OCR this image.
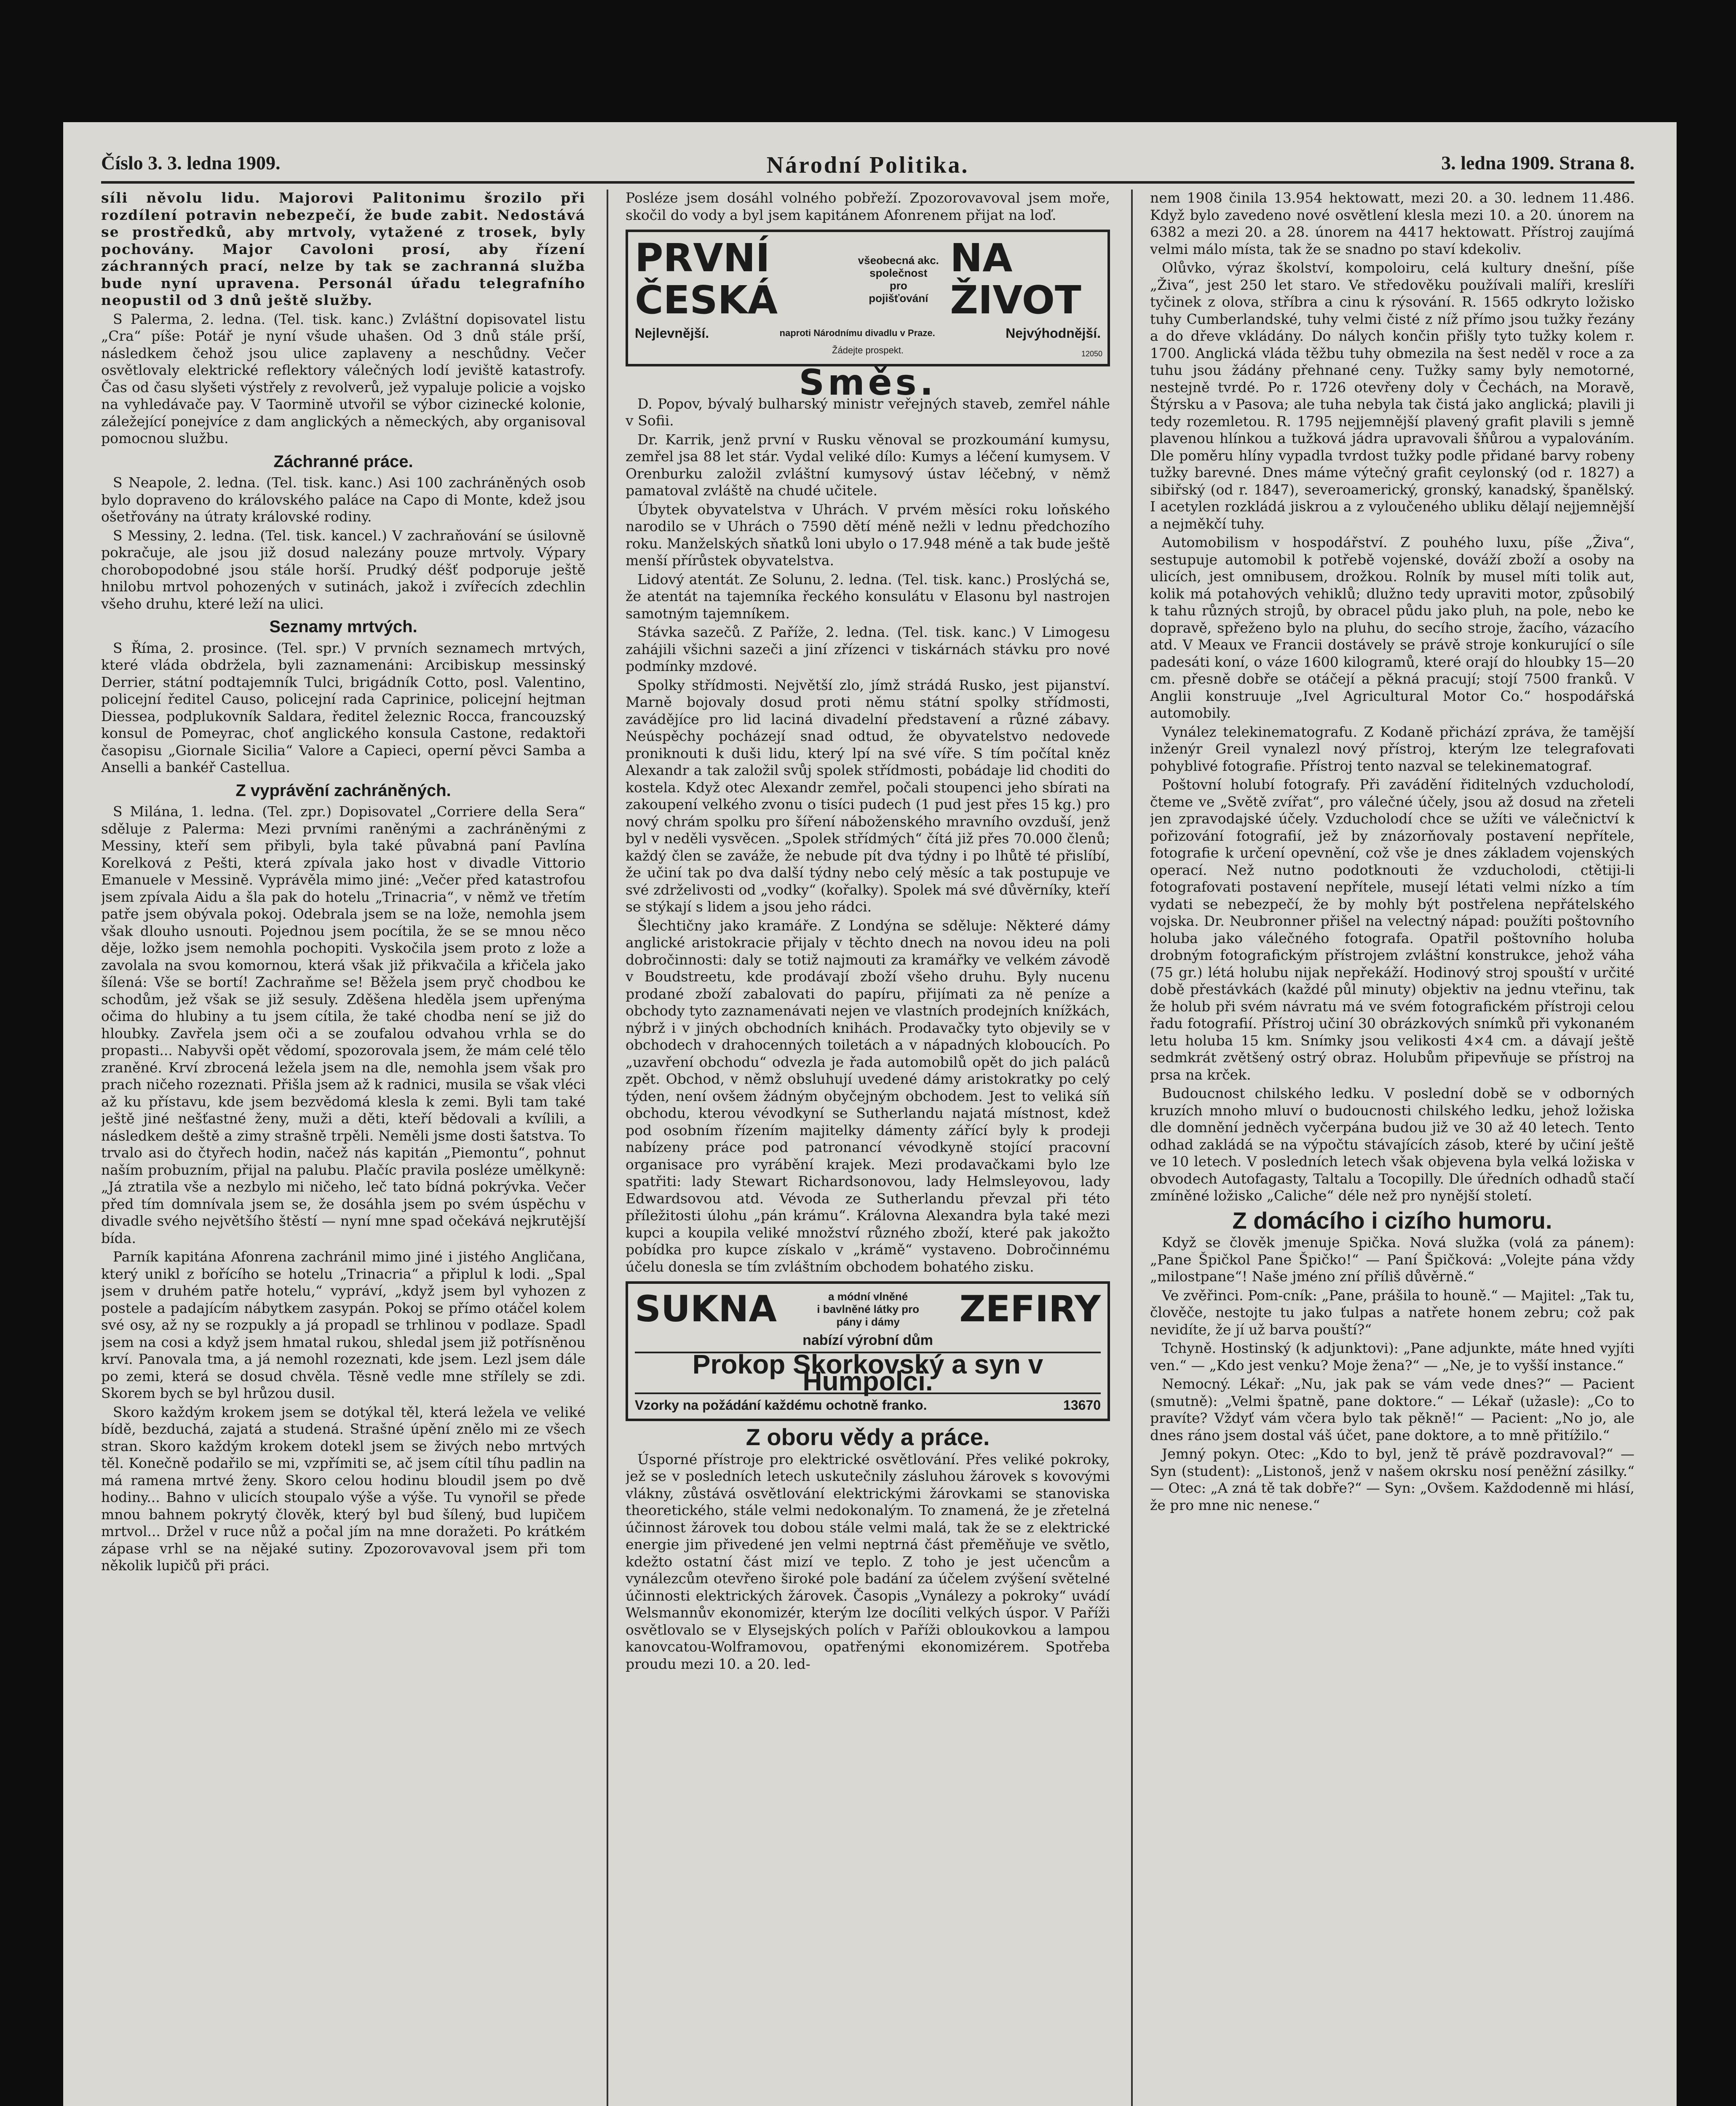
Číslo 3. 3. ledna 1909.	Národní Politika.	3. ledna 1909. Strana 8.

síli něvolu lidu. Majorovi Palitonimu šrozilo při rozdílení potravin nebezpečí, že bude zabit. Nedostává se prostředků, aby mrtvoly, vytažené z trosek, byly pochovány. Major Cavoloni prosí, aby řízení záchranných prací, nelze by tak se zachranná služba bude nyní upravena. Personál úřadu telegrafního neopustil od 3 dnů ještě služby.

S Palerma, 2. ledna. (Tel. tisk. kanc.) Zvláštní dopisovatel listu „Cra“ píše: Potář je nyní všude uhašen. Od 3 dnů stále prší, následkem čehož jsou ulice zaplaveny a neschůdny. Večer osvětlovaly elektrické reflektory válečných lodí jeviště katastrofy. Čas od času slyšeti výstřely z revolverů, jež vypaluje policie a vojsko na vyhledávače pay. V Taormině utvořil se výbor cizinecké kolonie, záležející ponejvíce z dam anglických a německých, aby organisoval pomocnou službu.

Záchranné práce.

S Neapole, 2. ledna. (Tel. tisk. kanc.) Asi 100 zachráněných osob bylo dopraveno do královského paláce na Capo di Monte, kdež jsou ošetřovány na útraty královské rodiny.

S Messiny, 2. ledna. (Tel. tisk. kancel.) V zachraňování se úsilovně pokračuje, ale jsou již dosud nalezány pouze mrtvoly. Výpary chorobopodobné jsou stále horší. Prudký déšť podporuje ještě hnilobu mrtvol pohozených v sutinách, jakož i zvířecích zdechlin všeho druhu, které leží na ulici.

Seznamy mrtvých.

S Říma, 2. prosince. (Tel. spr.) V prvních seznamech mrtvých, které vláda obdržela, byli zaznamenáni: Arcibiskup messinský Derrier, státní podtajemník Tulci, brigádník Cotto, posl. Valentino, policejní ředitel Causo, policejní rada Caprinice, policejní hejtman Diessea, podplukovník Saldara, ředitel železnic Rocca, francouzský konsul de Pomeyrac, choť anglického konsula Castone, redaktoři časopisu „Giornale Sicilia“ Valore a Capieci, operní pěvci Samba a Anselli a bankéř Castellua.

Z vyprávění zachráněných.

S Milána, 1. ledna. (Tel. zpr.) Dopisovatel „Corriere della Sera“ sděluje z Palerma: Mezi prvními raněnými a zachráněnými z Messiny, kteří sem přibyli, byla také půvabná paní Pavlína Korelková z Pešti, která zpívala jako host v divadle Vittorio Emanuele v Messině. Vyprávěla mimo jiné: „Večer před katastrofou jsem zpívala Aidu a šla pak do hotelu „Trinacria“, v němž ve třetím patře jsem obývala pokoj. Odebrala jsem se na lože, nemohla jsem však dlouho usnouti. Pojednou jsem pocítila, že se se mnou něco děje, ložko jsem nemohla pochopiti. Vyskočila jsem proto z lože a zavolala na svou komornou, která však již přikvačila a křičela jako šílená: Vše se bortí! Zachraňme se! Běžela jsem pryč chodbou ke schodům, jež však se již sesuly. Zděšena hleděla jsem upřenýma očima do hlubiny a tu jsem cítila, že také chodba není se již do hloubky. Zavřela jsem oči a se zoufalou odvahou vrhla se do propasti... Nabyvši opět vědomí, spozorovala jsem, že mám celé tělo zraněné. Krví zbrocená ležela jsem na dle, nemohla jsem však pro prach ničeho rozeznati. Přišla jsem až k radnici, musila se však vléci až ku přístavu, kde jsem bezvědomá klesla k zemi. Byli tam také ještě jiné nešťastné ženy, muži a děti, kteří bědovali a kvílili, a následkem deště a zimy strašně trpěli. Neměli jsme dosti šatstva. To trvalo asi do čtyřech hodin, načež nás kapitán „Piemontu“, pohnut naším probuzním, přijal na palubu. Plačíc pravila posléze umělkyně: „Já ztratila vše a nezbylo mi ničeho, leč tato bídná pokrývka. Večer před tím domnívala jsem se, že dosáhla jsem po svém úspěchu v divadle svého největšího štěstí — nyní mne spad očekává nejkrutější bída.

Parník kapitána Afonrena zachránil mimo jiné i jistého Angličana, který unikl z bořícího se hotelu „Trinacria“ a připlul k lodi. „Spal jsem v druhém patře hotelu,“ vypráví, „když jsem byl vyhozen z postele a padajícím nábytkem zasypán. Pokoj se přímo otáčel kolem své osy, až ny se rozpukly a já propadl se trhlinou v podlaze. Spadl jsem na cosi a když jsem hmatal rukou, shledal jsem již potřísněnou krví. Panovala tma, a já nemohl rozeznati, kde jsem. Lezl jsem dále po zemi, která se dosud chvěla. Těsně vedle mne střílely se zdi. Skorem bych se byl hrůzou dusil.

Skoro každým krokem jsem se dotýkal těl, která ležela ve veliké bídě, bezduchá, zajatá a studená. Strašné úpění znělo mi ze všech stran. Skoro každým krokem dotekl jsem se živých nebo mrtvých těl. Konečně podařilo se mi, vzpřímiti se, ač jsem cítil tíhu padlin na má ramena mrtvé ženy. Skoro celou hodinu bloudil jsem po dvě hodiny... Bahno v ulicích stoupalo výše a výše. Tu vynořil se přede mnou bahnem pokrytý člověk, který byl bud šílený, bud lupičem mrtvol... Držel v ruce nůž a počal jím na mne doražeti. Po krátkém zápase vrhl se na nějaké sutiny. Zpozorovavoval jsem při tom několik lupičů při práci.

Posléze jsem dosáhl volného pobřeží. Zpozorovavoval jsem moře, skočil do vody a byl jsem kapitánem Afonrenem přijat na loď.

PRVNÍ ČESKÁ
všeobecná akc. společnost
pro
pojišťování
NA ŽIVOT
Nejlevnější.	naproti Národnímu divadlu v Praze.	Nejvýhodnější.
Žádejte prospekt.	12050
Směs.

D. Popov, bývalý bulharský ministr veřejných staveb, zemřel náhle v Sofii.

Dr. Karrik, jenž první v Rusku věnoval se prozkoumání kumysu, zemřel jsa 88 let stár. Vydal veliké dílo: Kumys a léčení kumysem. V Orenburku založil zvláštní kumysový ústav léčebný, v němž pamatoval zvláště na chudé učitele.

Úbytek obyvatelstva v Uhrách. V prvém měsíci roku loňského narodilo se v Uhrách o 7590 dětí méně nežli v lednu předchozího roku. Manželských sňatků loni ubylo o 17.948 méně a tak bude ještě menší přírůstek obyvatelstva.

Lidový atentát. Ze Solunu, 2. ledna. (Tel. tisk. kanc.) Proslýchá se, že atentát na tajemníka řeckého konsulátu v Elasonu byl nastrojen samotným tajemníkem.

Stávka sazečů. Z Paříže, 2. ledna. (Tel. tisk. kanc.) V Limogesu zahájili všichni sazeči a jiní zřízenci v tiskárnách stávku pro nové podmínky mzdové.

Spolky střídmosti. Největší zlo, jímž strádá Rusko, jest pijanství. Marně bojovaly dosud proti němu státní spolky střídmosti, zavádějíce pro lid laciná divadelní představení a různé zábavy. Neúspěchy pocházejí snad odtud, že obyvatelstvo nedovede proniknouti k duši lidu, který lpí na své víře. S tím počítal kněz Alexandr a tak založil svůj spolek střídmosti, pobádaje lid choditi do kostela. Když otec Alexandr zemřel, počali stoupenci jeho sbírati na zakoupení velkého zvonu o tisíci pudech (1 pud jest přes 15 kg.) pro nový chrám spolku pro šíření náboženského mravního ovzduší, jenž byl v neděli vysvěcen. „Spolek střídmých“ čítá již přes 70.000 členů; každý člen se zaváže, že nebude pít dva týdny i po lhůtě té přislíbí, že učiní tak po dva další týdny nebo celý měsíc a tak postupuje ve své zdrželivosti od „vodky“ (kořalky). Spolek má své důvěrníky, kteří se stýkají s lidem a jsou jeho rádci.

Šlechtičny jako kramáře. Z Londýna se sděluje: Některé dámy anglické aristokracie přijaly v těchto dnech na novou ideu na poli dobročinnosti: daly se totiž najmouti za kramářky ve velkém závodě v Boudstreetu, kde prodávají zboží všeho druhu. Byly nucenu prodané zboží zabalovati do papíru, přijímati za ně peníze a obchody tyto zaznamenávati nejen ve vlastních prodejních knížkách, nýbrž i v jiných obchodních knihách. Prodavačky tyto objevily se v obchodech v drahocenných toiletách a v nápadných kloboucích. Po „uzavření obchodu“ odvezla je řada automobilů opět do jich paláců zpět. Obchod, v němž obsluhují uvedené dámy aristokratky po celý týden, není ovšem žádným obyčejným obchodem. Jest to veliká síň obchodu, kterou vévodkyní se Sutherlandu najatá místnost, kdež pod osobním řízením majitelky dámenty zářící byly k prodeji nabízeny práce pod patronancí vévodkyně stojící pracovní organisace pro vyrábění krajek. Mezi prodavačkami bylo lze spatřiti: lady Stewart Richardsonovou, lady Helmsleyovou, lady Edwardsovou atd. Vévoda ze Sutherlandu převzal při této příležitosti úlohu „pán krámu“. Královna Alexandra byla také mezi kupci a koupila veliké množství různého zboží, které pak jakožto pobídka pro kupce získalo v „krámě“ vystaveno. Dobročinnému účelu donesla se tím zvláštním obchodem bohatého zisku.

SUKNA	a módní vlněné
i bavlněné látky pro
pány i dámy	ZEFIRY
nabízí výrobní dům
Prokop Skorkovský a syn v Humpolci.
Vzorky na požádání každému ochotně franko.	13670
Z oboru vědy a práce.

Úsporné přístroje pro elektrické osvětlování. Přes veliké pokroky, jež se v posledních letech uskutečnily zásluhou žárovek s kovovými vlákny, zůstává osvětlování elektrickými žárovkami se stanoviska theoretického, stále velmi nedokonalým. To znamená, že je zřetelná účinnost žárovek tou dobou stále velmi malá, tak že se z elektrické energie jim přivedené jen velmi neptrná část přeměňuje ve světlo, kdežto ostatní část mizí ve teplo. Z toho je jest učencům a vynálezcům otevřeno široké pole badání za účelem zvýšení světelné účinnosti elektrických žárovek. Časopis „Vynálezy a pokroky“ uvádí Welsmannův ekonomizér, kterým lze docíliti velkých úspor. V Paříži osvětlovalo se v Elysejských polích v Paříži obloukovkou a lampou kanovcatou-Wolframovou, opatřenými ekonomizérem. Spotřeba proudu mezi 10. a 20. led-

nem 1908 činila 13.954 hektowatt, mezi 20. a 30. lednem 11.486. Když bylo zavedeno nové osvětlení klesla mezi 10. a 20. únorem na 6382 a mezi 20. a 28. únorem na 4417 hektowatt. Přístroj zaujímá velmi málo místa, tak že se snadno po staví kdekoliv.

Olůvko, výraz školství, kompoloiru, celá kultury dnešní, píše „Živa“, jest 250 let staro. Ve středověku používali malíři, kreslíři tyčinek z olova, stříbra a cinu k rýsování. R. 1565 odkryto ložisko tuhy Cumberlandské, tuhy velmi čisté z níž přímo jsou tužky řezány a do dřeve vkládány. Do nálych končin přišly tyto tužky kolem r. 1700. Anglická vláda těžbu tuhy obmezila na šest neděl v roce a za tuhu jsou žádány přehnané ceny. Tužky samy byly nemotorné, nestejně tvrdé. Po r. 1726 otevřeny doly v Čechách, na Moravě, Štýrsku a v Pasova; ale tuha nebyla tak čistá jako anglická; plavili ji tedy rozemletou. R. 1795 nejjemnější plavený grafit plavili s jemně plavenou hlínkou a tužková jádra upravovali šňůrou a vypalováním. Dle poměru hlíny vypadla tvrdost tužky podle přidané barvy robeny tužky barevné. Dnes máme výtečný grafit ceylonský (od r. 1827) a sibiřský (od r. 1847), severoamerický, gronský, kanadský, španělský. I acetylen rozkládá jiskrou a z vyloučeného ubliku dělají nejjemnější a nejměkčí tuhy.

Automobilism v hospodářství. Z pouhého luxu, píše „Živa“, sestupuje automobil k potřebě vojenské, dováží zboží a osoby na ulicích, jest omnibusem, drožkou. Rolník by musel míti tolik aut, kolik má potahových vehiklů; dlužno tedy upraviti motor, způsobilý k tahu různých strojů, by obracel půdu jako pluh, na pole, nebo ke dopravě, spřeženo bylo na pluhu, do secího stroje, žacího, vázacího atd. V Meaux ve Francii dostávely se právě stroje konkurující o síle padesáti koní, o váze 1600 kilogramů, které orají do hloubky 15—20 cm. přesně dobře se otáčejí a pěkná pracují; stojí 7500 franků. V Anglii konstruuje „Ivel Agricultural Motor Co.“ hospodářská automobily.

Vynález telekinematografu. Z Kodaně přichází zpráva, že tamější inženýr Greil vynalezl nový přístroj, kterým lze telegrafovati pohyblivé fotografie. Přístroj tento nazval se telekinematograf.

Poštovní holubí fotografy. Při zavádění řiditelných vzducholodí, čteme ve „Světě zvířat“, pro válečné účely, jsou až dosud na zřeteli jen zpravodajské účely. Vzducholodí chce se užíti ve válečnictví k pořizování fotografií, jež by znázorňovaly postavení nepřítele, fotografie k určení opevnění, což vše je dnes základem vojenských operací. Než nutno podotknouti že vzducholodi, ctětiji-li fotografovati postavení nepřítele, musejí létati velmi nízko a tím vydati se nebezpečí, že by mohly být postřelena nepřátelského vojska. Dr. Neubronner přišel na velectný nápad: použíti poštovního holuba jako válečného fotografa. Opatřil poštovního holuba drobným fotografickým přístrojem zvláštní konstrukce, jehož váha (75 gr.) létá holubu nijak nepřekáží. Hodinový stroj spouští v určité době přestávkách (každé půl minuty) objektiv na jednu vteřinu, tak že holub při svém návratu má ve svém fotografickém přístroji celou řadu fotografií. Přístroj učiní 30 obrázkových snímků při vykonaném letu holuba 15 km. Snímky jsou velikosti 4×4 cm. a dávají ještě sedmkrát zvětšený ostrý obraz. Holubům připevňuje se přístroj na prsa na krček.

Budoucnost chilského ledku. V poslední době se v odborných kruzích mnoho mluví o budoucnosti chilského ledku, jehož ložiska dle domnění jedněch vyčerpána budou již ve 30 až 40 letech. Tento odhad zakládá se na výpočtu stávajících zásob, které by učiní ještě ve 10 letech. V posledních letech však objevena byla velká ložiska v obvodech Autofagasty, Taltalu a Tocopilly. Dle úředních odhadů stačí zmíněné ložisko „Caliche“ déle než pro nynější století.

Z domácího i cizího humoru.

Když se člověk jmenuje Spička. Nová služka (volá za pánem): „Pane Špičkol Pane Špičko!“ — Paní Špičková: „Volejte pána vždy „milostpane“! Naše jméno zní příliš důvěrně.“

Ve zvěřinci. Pom-cník: „Pane, prášila to houně.“ — Majitel: „Tak tu, člověče, nestojte tu jako ťulpas a natřete honem zebru; což pak nevidíte, že jí už barva pouští?“

Tchyně. Hostinský (k adjunktovi): „Pane adjunkte, máte hned vyjíti ven.“ — „Kdo jest venku? Moje žena?“ — „Ne, je to vyšší instance.“

Nemocný. Lékař: „Nu, jak pak se vám vede dnes?“ — Pacient (smutně): „Velmi špatně, pane doktore.“ — Lékař (užasle): „Co to pravíte? Vždyť vám včera bylo tak pěkně!“ — Pacient: „No jo, ale dnes ráno jsem dostal váš účet, pane doktore, a to mně přitížilo.“

Jemný pokyn. Otec: „Kdo to byl, jenž tě právě pozdravoval?“ — Syn (student): „Listonoš, jenž v našem okrsku nosí peněžní zásilky.“ — Otec: „A zná tě tak dobře?“ — Syn: „Ovšem. Každodenně mi hlásí, že pro mne nic nenese.“
